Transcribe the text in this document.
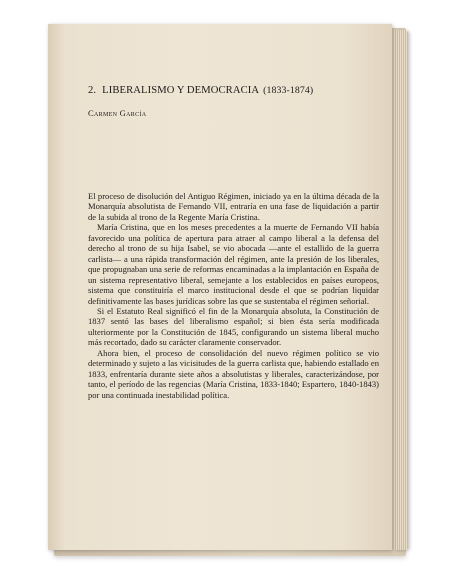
2. LIBERALISMO Y DEMOCRACIA (1833-1874)
Carmen García

El proceso de disolución del Antiguo Régimen, iniciado ya en la última década de la Monarquía absolutista de Fernando VII, entraría en una fase de liquidación a partir de la subida al trono de la Regente María Cristina.

María Cristina, que en los meses precedentes a la muerte de Fernando VII había favorecido una política de apertura para atraer al campo liberal a la defensa del derecho al trono de su hija Isabel, se vio abocada —ante el estallido de la guerra carlista— a una rápida transformación del régimen, ante la presión de los liberales, que propugnaban una serie de reformas encaminadas a la implantación en España de un sistema representativo liberal, semejante a los establecidos en países europeos, sistema que constituiría el marco institucional desde el que se podrían liquidar definitivamente las bases jurídicas sobre las que se sustentaba el régimen señorial.

Si el Estatuto Real significó el fin de la Monarquía absoluta, la Constitución de 1837 sentó las bases del liberalismo español; si bien ésta sería modificada ulteriormente por la Constitución de 1845, configurando un sistema liberal mucho más recortado, dado su carácter claramente conservador.

Ahora bien, el proceso de consolidación del nuevo régimen político se vio determinado y sujeto a las vicisitudes de la guerra carlista que, habiendo estallado en 1833, enfrentaría durante siete años a absolutistas y liberales, caracterizándose, por tanto, el período de las regencias (María Cristina, 1833-1840; Espartero, 1840-1843) por una continuada inestabilidad política.
